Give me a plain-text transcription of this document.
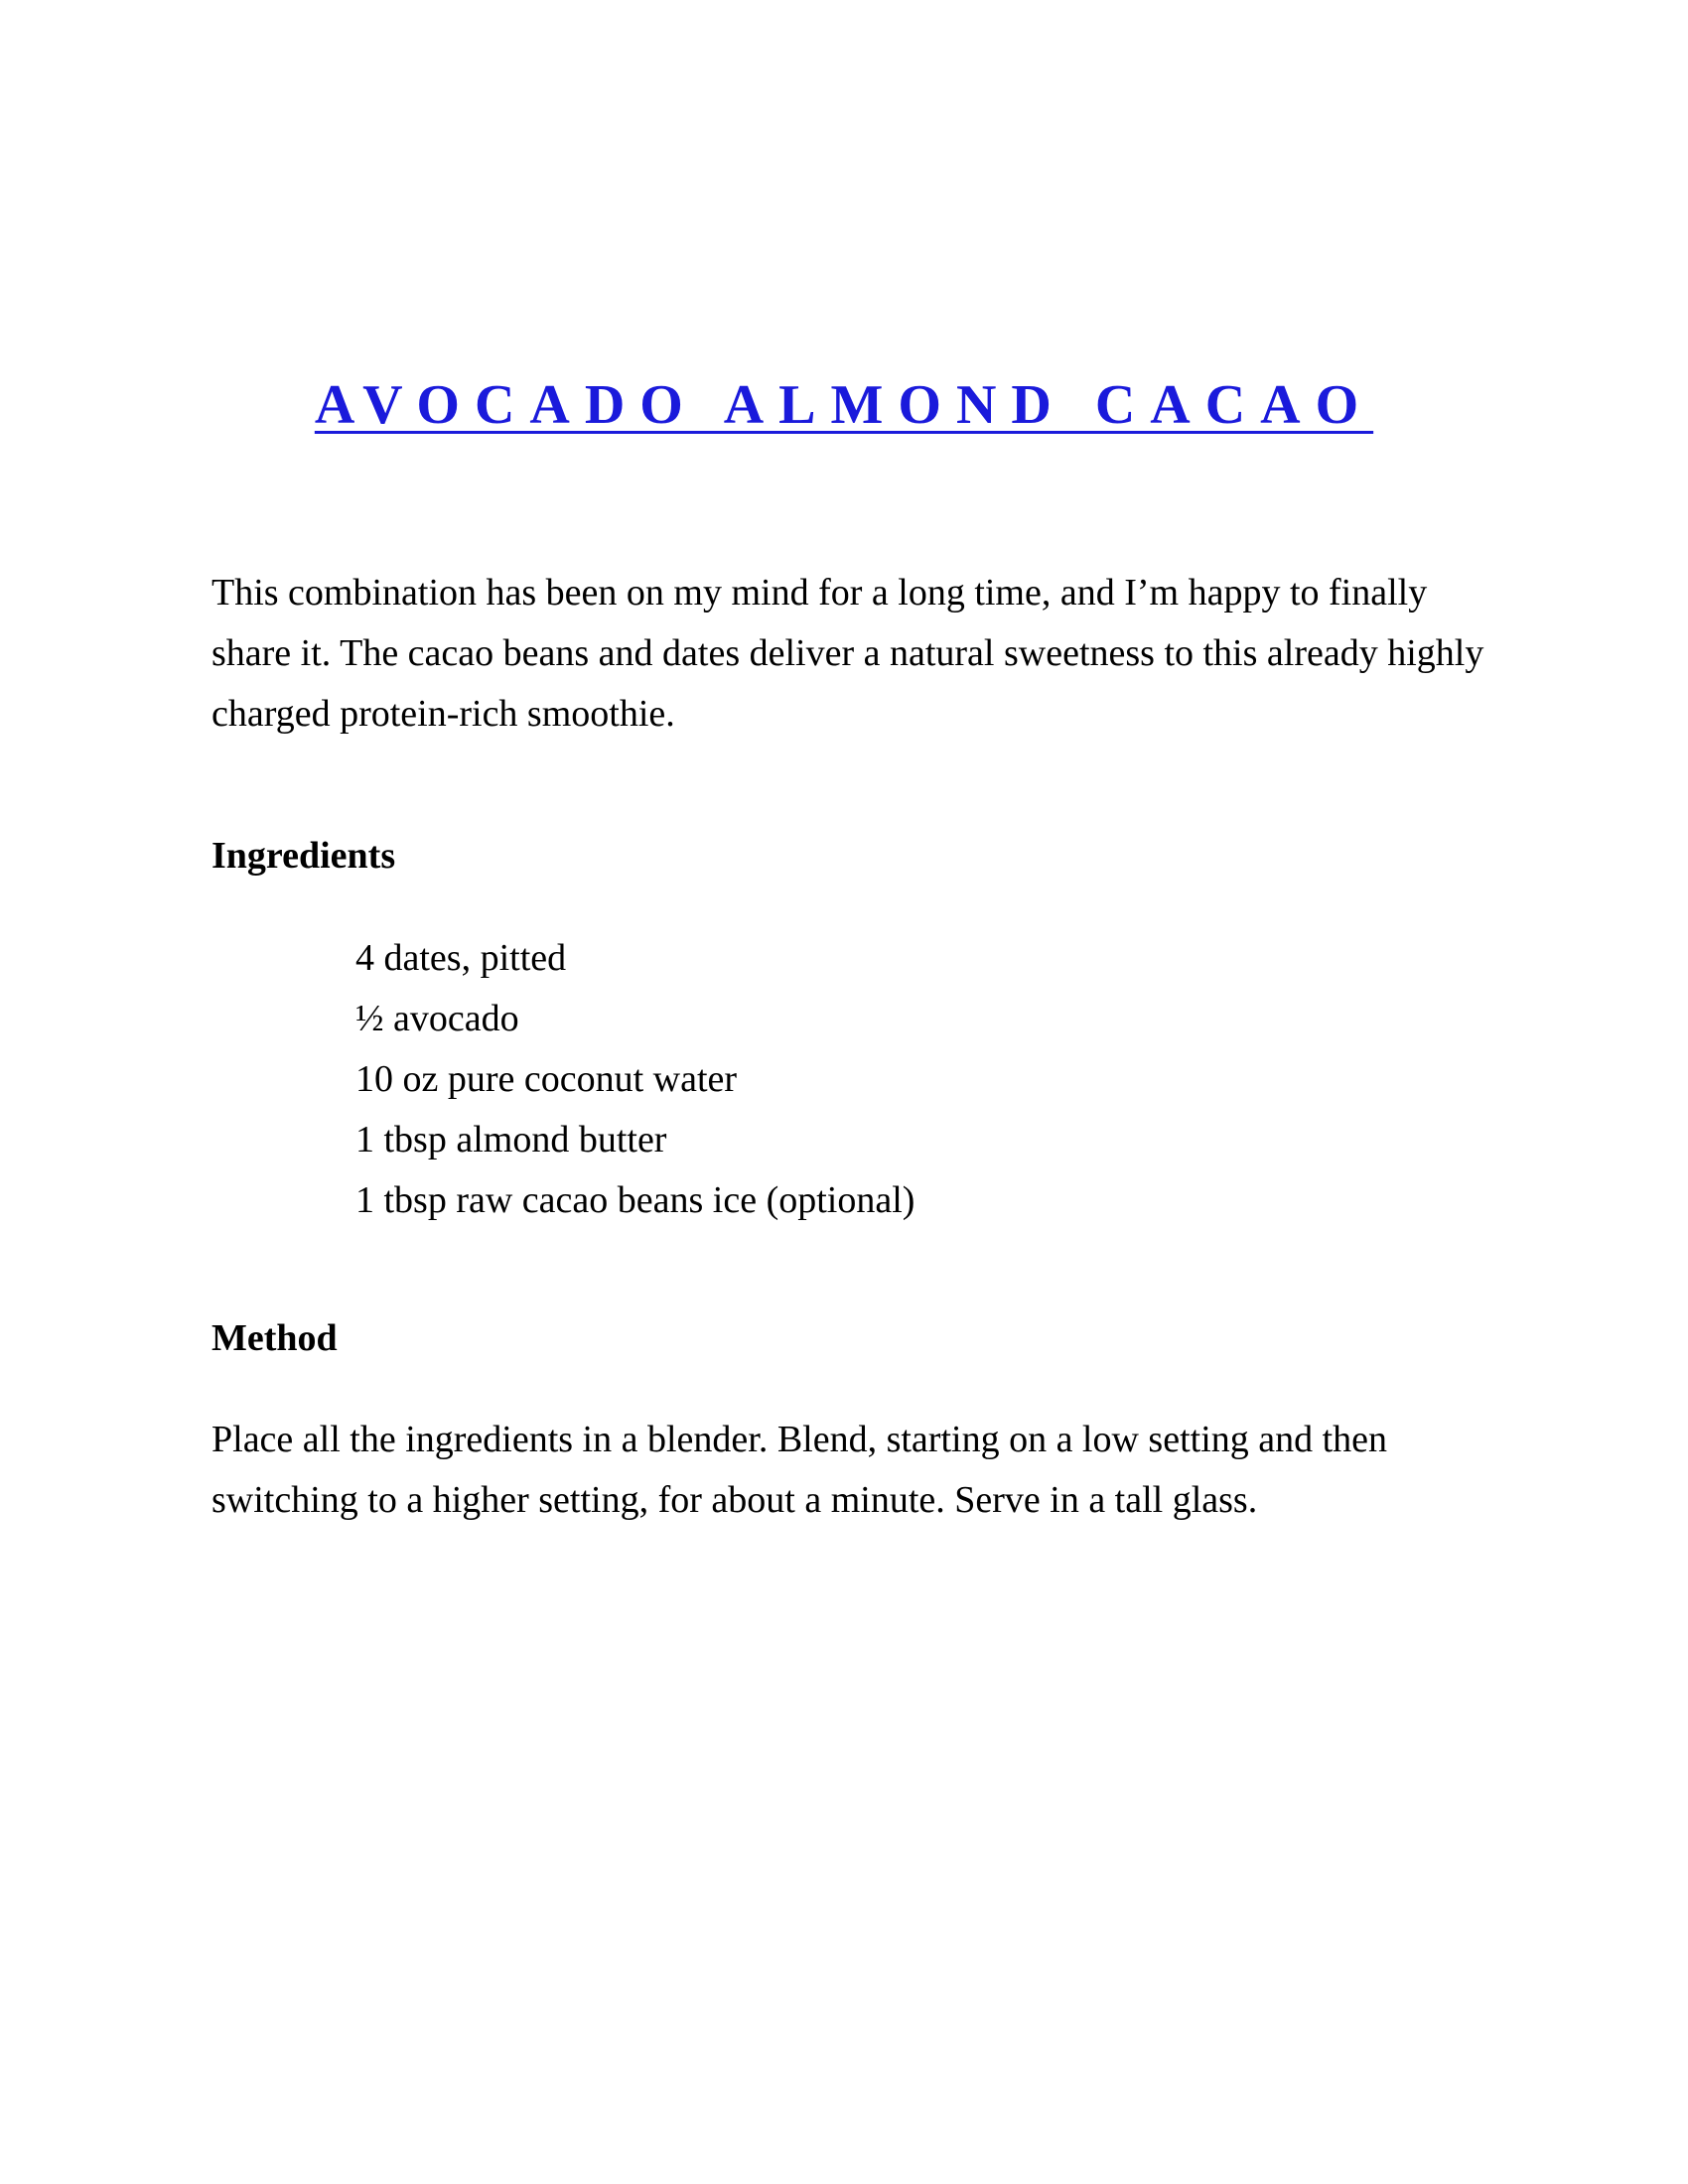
AVOCADO ALMOND CACAO

This combination has been on my mind for a long time, and I’m happy to finally share it. The cacao beans and dates deliver a natural sweetness to this already highly charged protein-rich smoothie.

Ingredients
4 dates, pitted
½ avocado
10 oz pure coconut water
1 tbsp almond butter
1 tbsp raw cacao beans ice (optional)
Method

Place all the ingredients in a blender. Blend, starting on a low setting and then switching to a higher setting, for about a minute. Serve in a tall glass.
